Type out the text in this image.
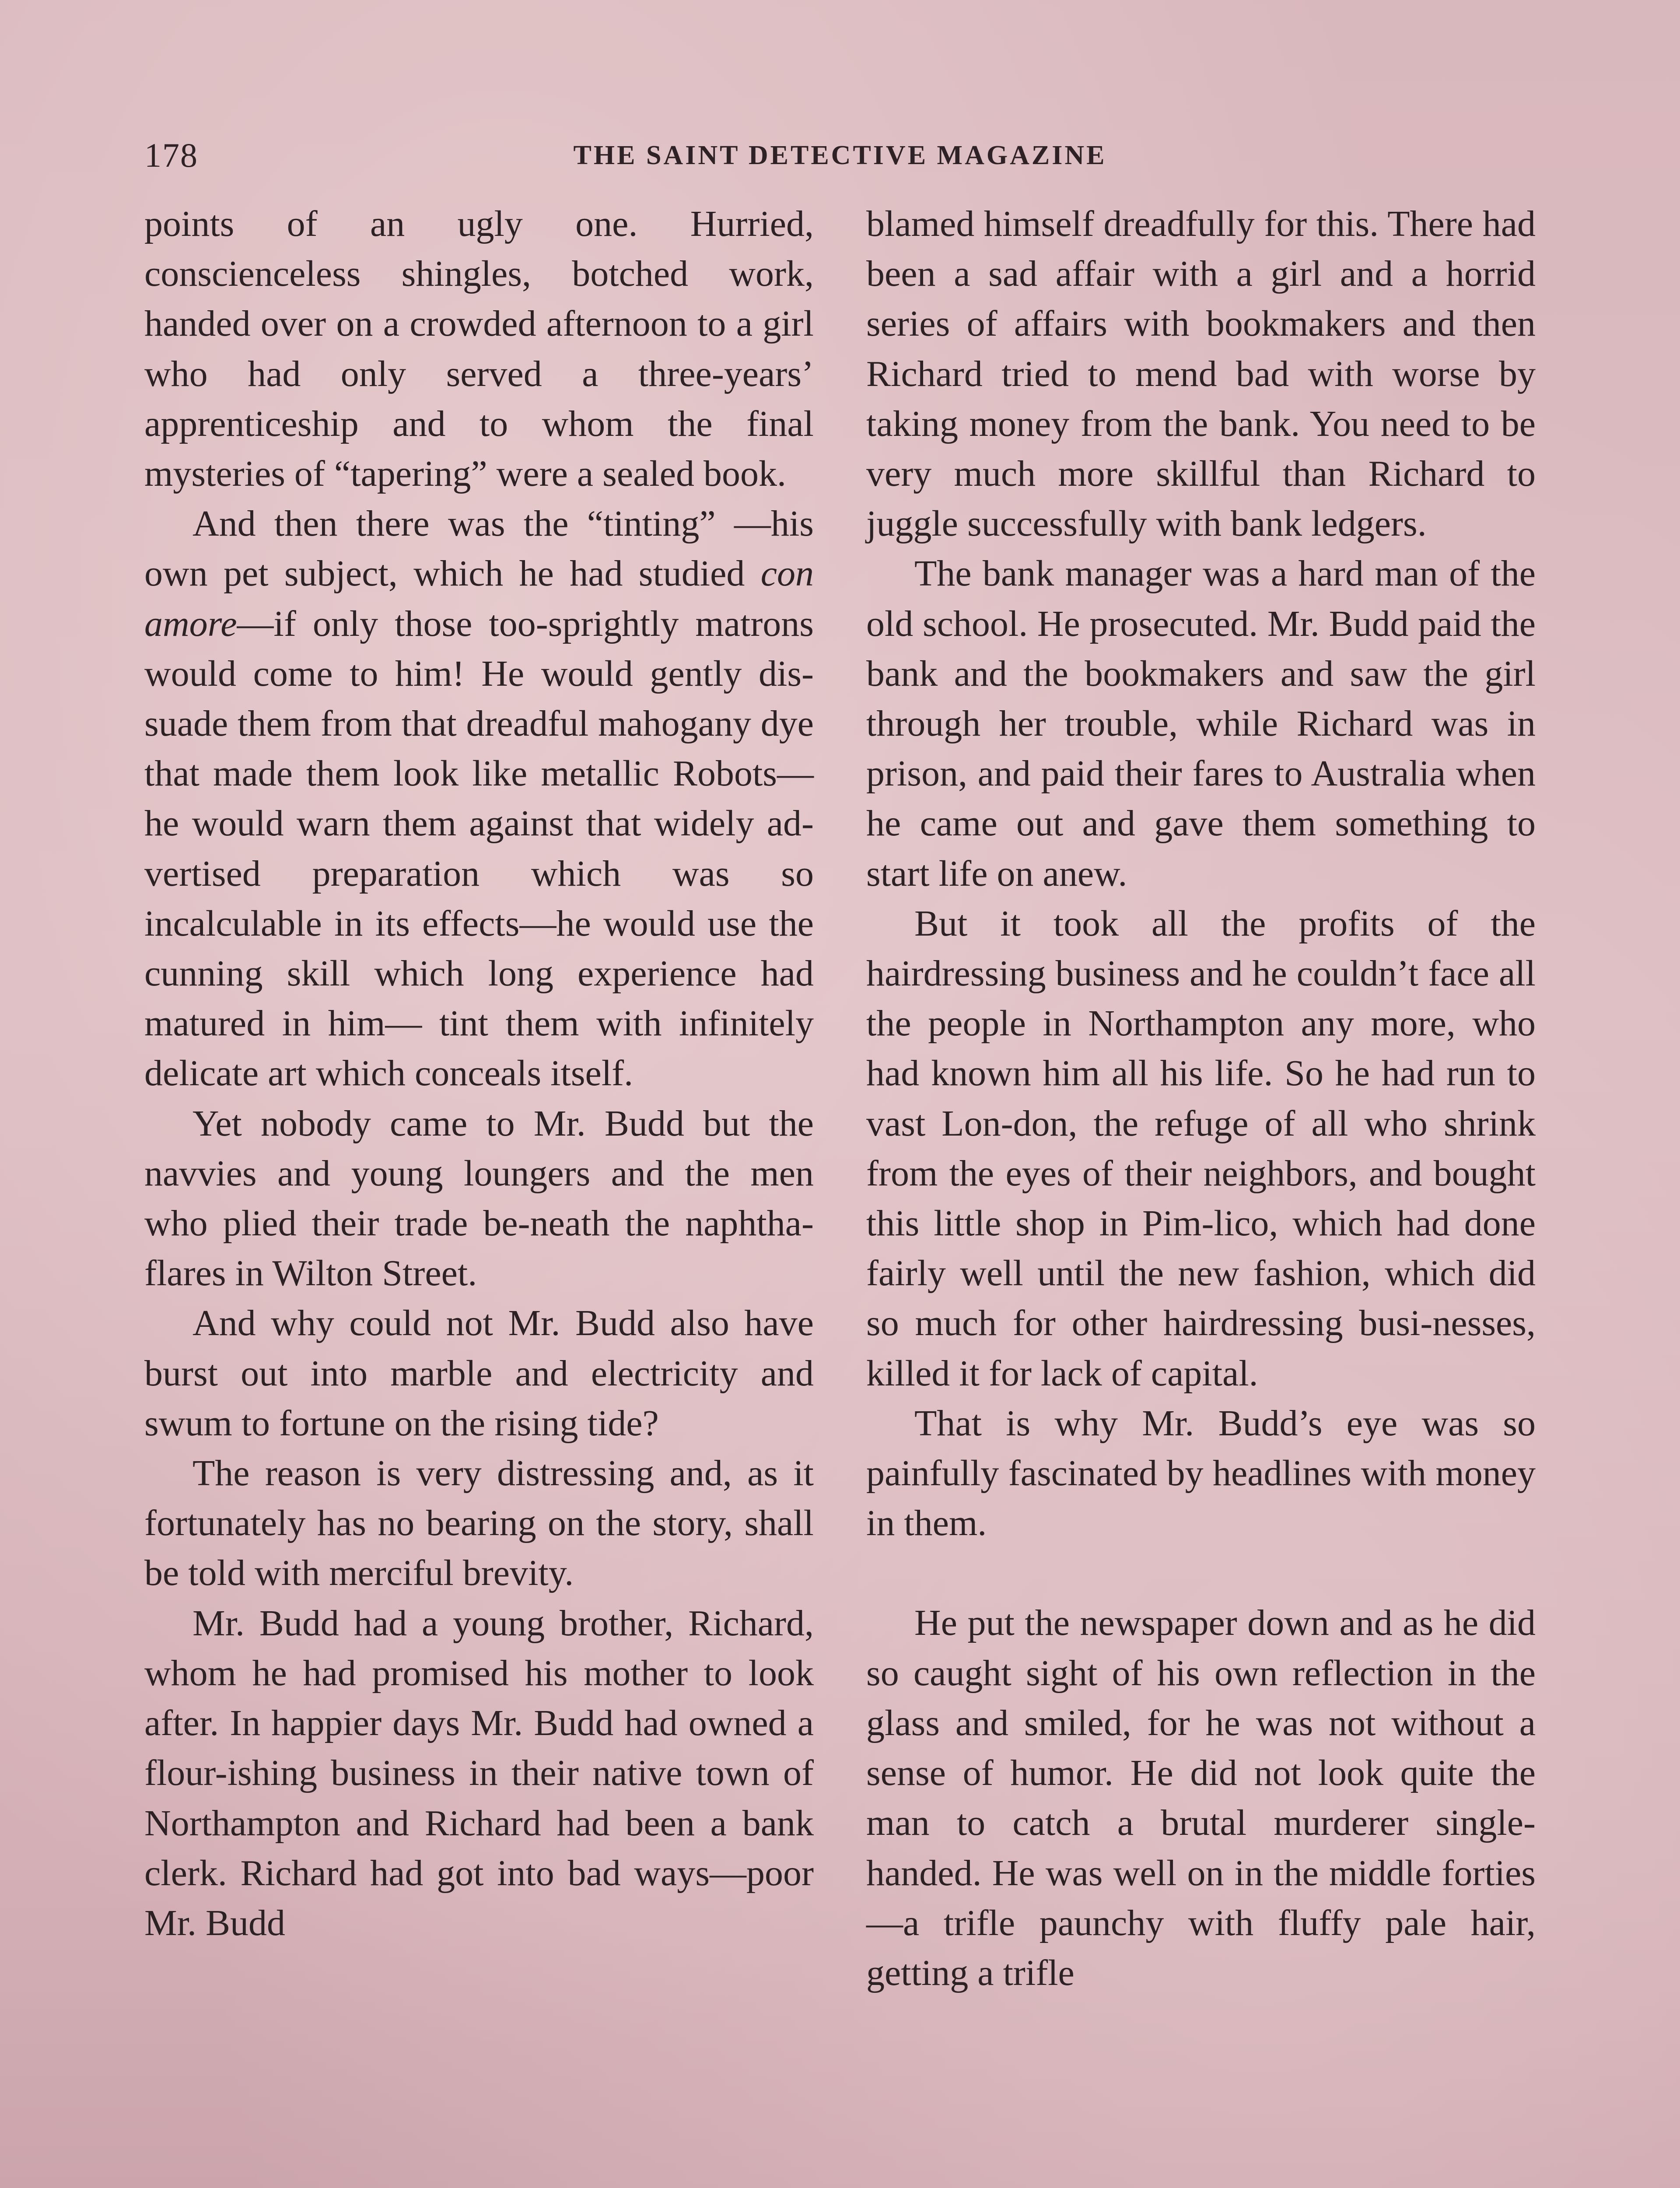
178	THE SAINT DETECTIVE MAGAZINE

points of an ugly one. Hurried, conscienceless shingles, botched work, handed over on a crowded afternoon to a girl who had only served a three-years’ apprenticeship and to whom the final mysteries of “tapering” were a sealed book.

And then there was the “tinting” —his own pet subject, which he had studied con amore—if only those too-sprightly matrons would come to him! He would gently dis-suade them from that dreadful mahogany dye that made them look like metallic Robots—he would warn them against that widely ad-vertised preparation which was so incalculable in its effects—he would use the cunning skill which long experience had matured in him— tint them with infinitely delicate art which conceals itself.

Yet nobody came to Mr. Budd but the navvies and young loungers and the men who plied their trade be-neath the naphtha-flares in Wilton Street.

And why could not Mr. Budd also have burst out into marble and electricity and swum to fortune on the rising tide?

The reason is very distressing and, as it fortunately has no bearing on the story, shall be told with merciful brevity.

Mr. Budd had a young brother, Richard, whom he had promised his mother to look after. In happier days Mr. Budd had owned a flour-ishing business in their native town of Northampton and Richard had been a bank clerk. Richard had got into bad ways—poor Mr. Budd

blamed himself dreadfully for this. There had been a sad affair with a girl and a horrid series of affairs with bookmakers and then Richard tried to mend bad with worse by taking money from the bank. You need to be very much more skillful than Richard to juggle successfully with bank ledgers.

The bank manager was a hard man of the old school. He prosecuted. Mr. Budd paid the bank and the bookmakers and saw the girl through her trouble, while Richard was in prison, and paid their fares to Australia when he came out and gave them something to start life on anew.

But it took all the profits of the hairdressing business and he couldn’t face all the people in Northampton any more, who had known him all his life. So he had run to vast Lon-don, the refuge of all who shrink from the eyes of their neighbors, and bought this little shop in Pim-lico, which had done fairly well until the new fashion, which did so much for other hairdressing busi-nesses, killed it for lack of capital.

That is why Mr. Budd’s eye was so painfully fascinated by headlines with money in them.

He put the newspaper down and as he did so caught sight of his own reflection in the glass and smiled, for he was not without a sense of humor. He did not look quite the man to catch a brutal murderer single-handed. He was well on in the middle forties—a trifle paunchy with fluffy pale hair, getting a trifle
